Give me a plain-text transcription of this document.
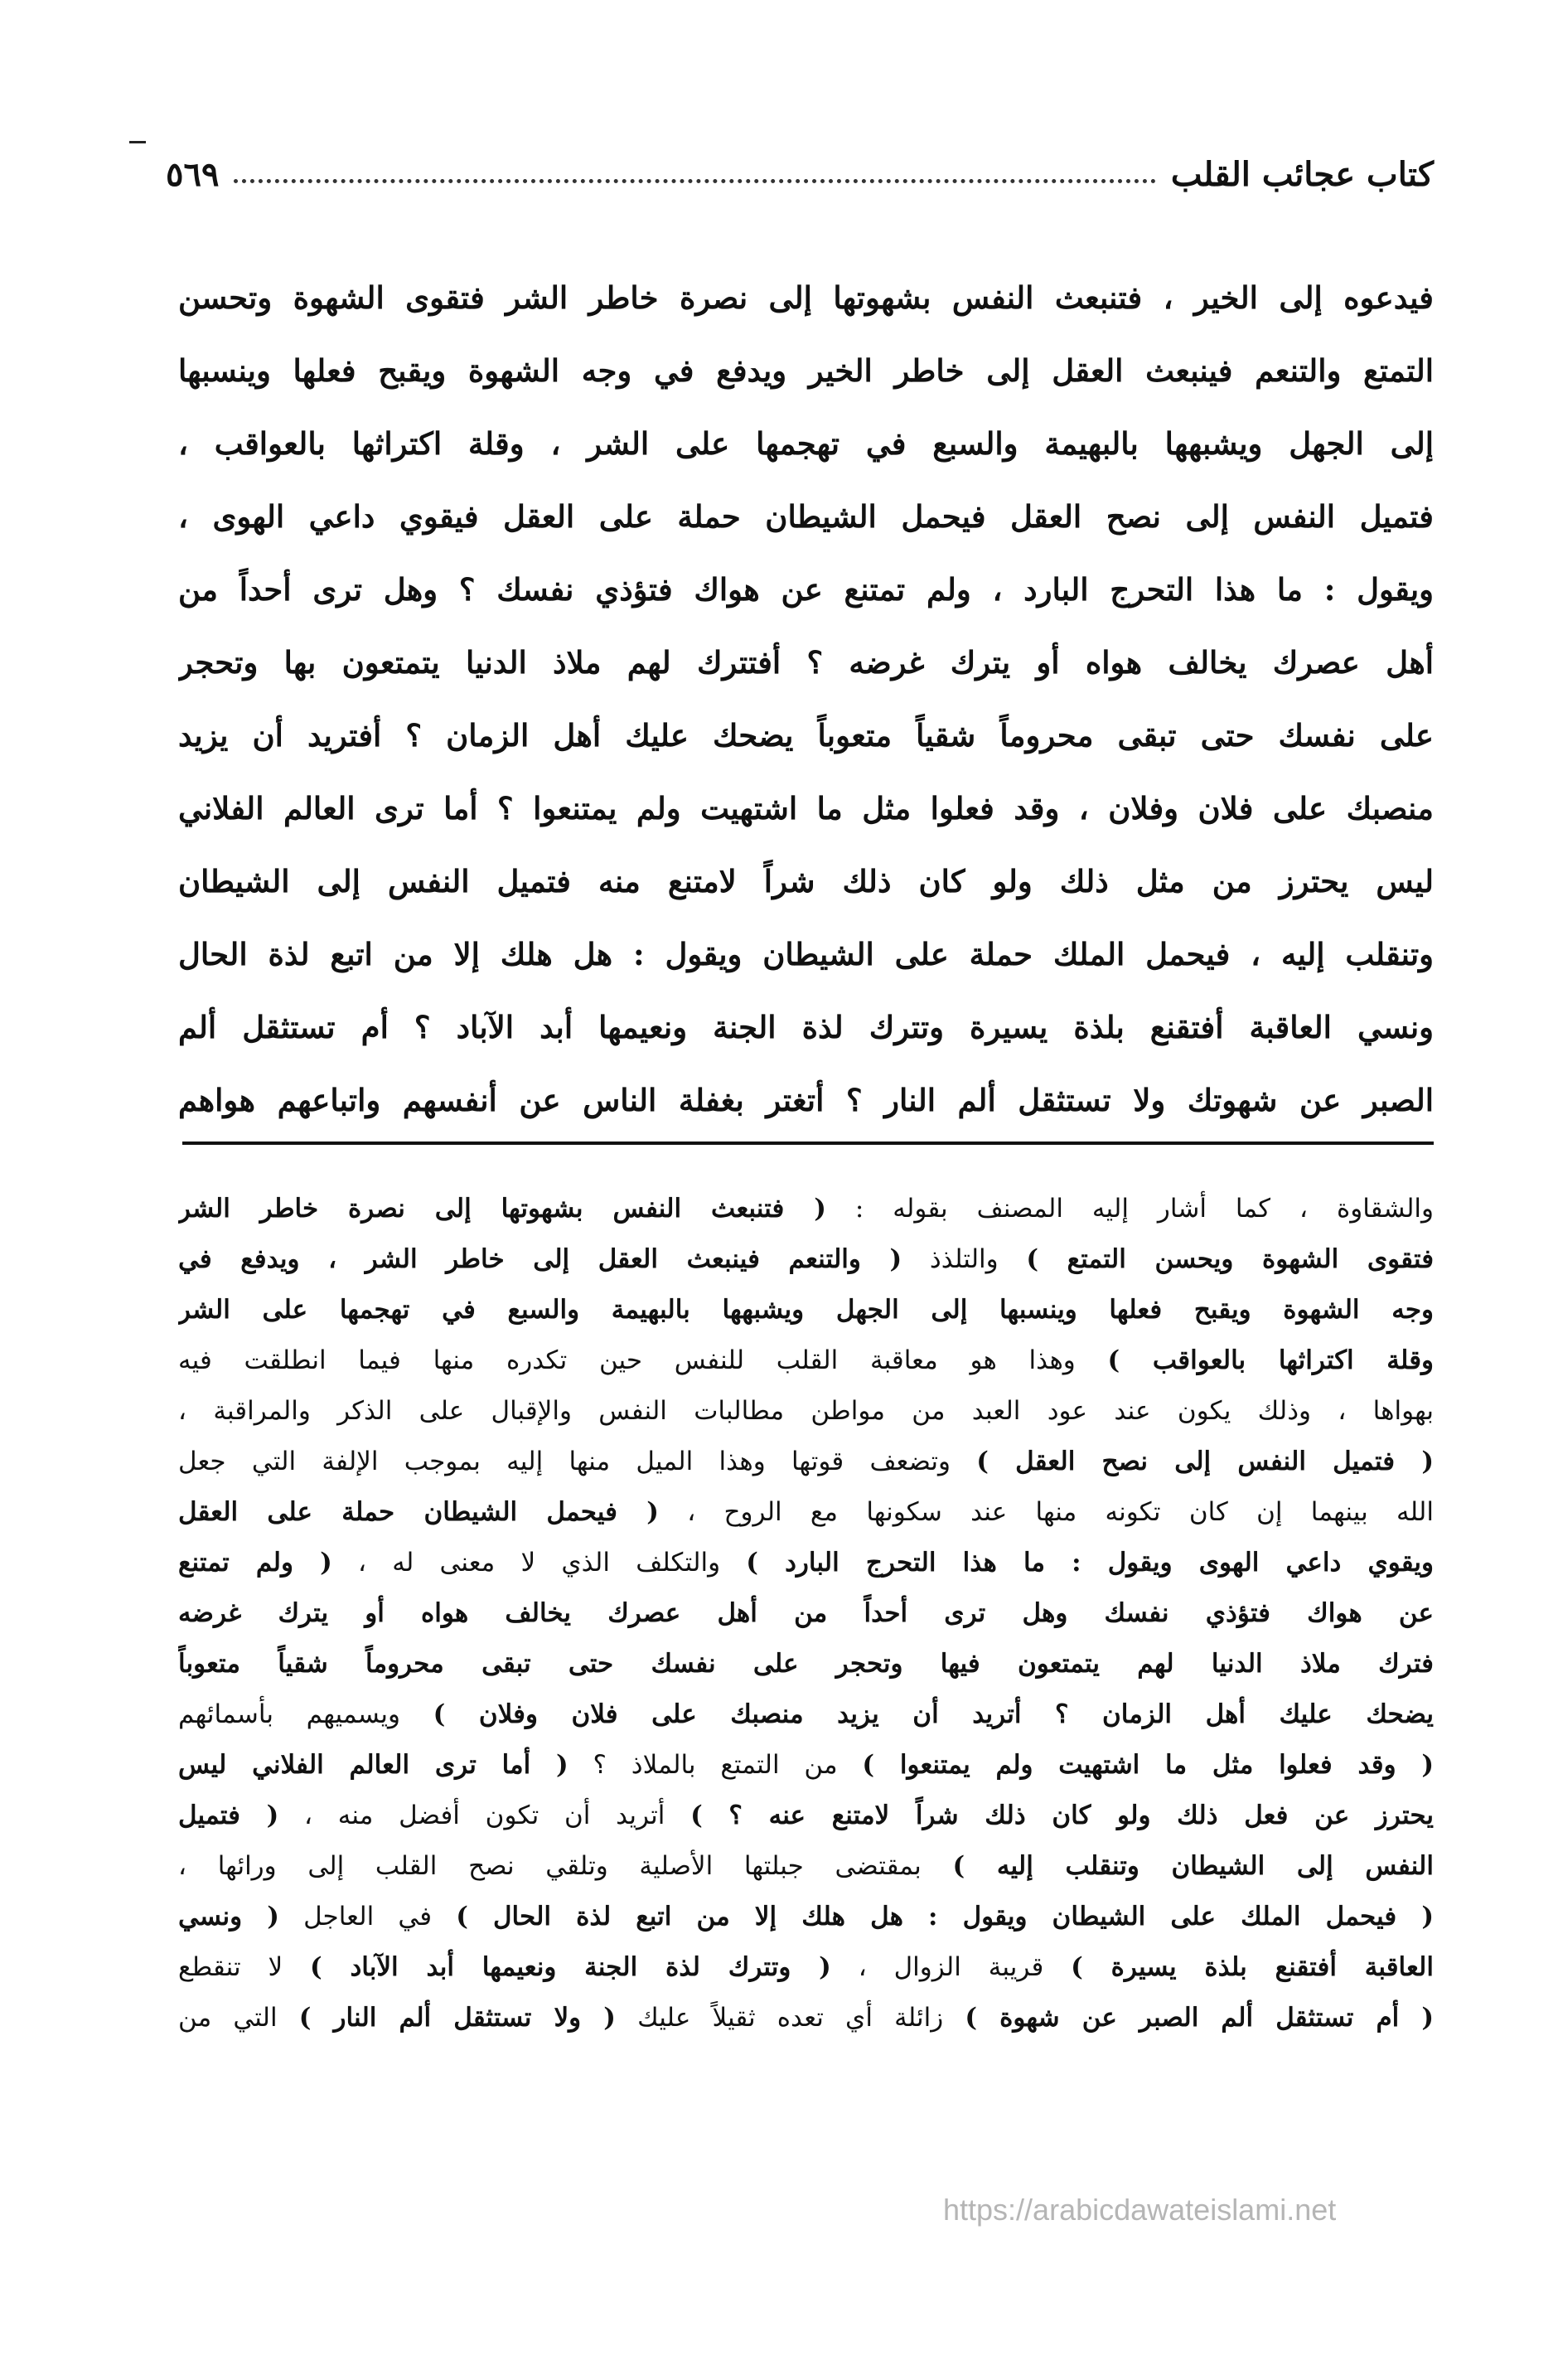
كتاب عجائب القلب
٥٦٩
فيدعوه إلى الخير ، فتنبعث النفس بشهوتها إلى نصرة خاطر الشر فتقوى الشهوة وتحسن
التمتع والتنعم فينبعث العقل إلى خاطر الخير ويدفع في وجه الشهوة ويقبح فعلها وينسبها
إلى الجهل ويشبهها بالبهيمة والسبع في تهجمها على الشر ، وقلة اكتراثها بالعواقب ،
فتميل النفس إلى نصح العقل فيحمل الشيطان حملة على العقل فيقوي داعي الهوى ،
ويقول : ما هذا التحرج البارد ، ولم تمتنع عن هواك فتؤذي نفسك ؟ وهل ترى أحداً من
أهل عصرك يخالف هواه أو يترك غرضه ؟ أفتترك لهم ملاذ الدنيا يتمتعون بها وتحجر
على نفسك حتى تبقى محروماً شقياً متعوباً يضحك عليك أهل الزمان ؟ أفتريد أن يزيد
منصبك على فلان وفلان ، وقد فعلوا مثل ما اشتهيت ولم يمتنعوا ؟ أما ترى العالم الفلاني
ليس يحترز من مثل ذلك ولو كان ذلك شراً لامتنع منه فتميل النفس إلى الشيطان
وتنقلب إليه ، فيحمل الملك حملة على الشيطان ويقول : هل هلك إلا من اتبع لذة الحال
ونسي العاقبة أفتقنع بلذة يسيرة وتترك لذة الجنة ونعيمها أبد الآباد ؟ أم تستثقل ألم
الصبر عن شهوتك ولا تستثقل ألم النار ؟ أتغتر بغفلة الناس عن أنفسهم واتباعهم هواهم
والشقاوة ، كما أشار إليه المصنف بقوله : ( فتنبعث النفس بشهوتها إلى نصرة خاطر الشر
فتقوى الشهوة ويحسن التمتع ) والتلذذ ( والتنعم فينبعث العقل إلى خاطر الشر ، ويدفع في
وجه الشهوة ويقبح فعلها وينسبها إلى الجهل ويشبهها بالبهيمة والسبع في تهجمها على الشر
وقلة اكتراثها بالعواقب ) وهذا هو معاقبة القلب للنفس حين تكدره منها فيما انطلقت فيه
بهواها ، وذلك يكون عند عود العبد من مواطن مطالبات النفس والإقبال على الذكر والمراقبة ،
( فتميل النفس إلى نصح العقل ) وتضعف قوتها وهذا الميل منها إليه بموجب الإلفة التي جعل
الله بينهما إن كان تكونه منها عند سكونها مع الروح ، ( فيحمل الشيطان حملة على العقل
ويقوي داعي الهوى ويقول : ما هذا التحرج البارد ) والتكلف الذي لا معنى له ، ( ولم تمتنع
عن هواك فتؤذي نفسك وهل ترى أحداً من أهل عصرك يخالف هواه أو يترك غرضه
فترك ملاذ الدنيا لهم يتمتعون فيها وتحجر على نفسك حتى تبقى محروماً شقياً متعوباً
يضحك عليك أهل الزمان ؟ أتريد أن يزيد منصبك على فلان وفلان ) ويسميهم بأسمائهم
( وقد فعلوا مثل ما اشتهيت ولم يمتنعوا ) من التمتع بالملاذ ؟ ( أما ترى العالم الفلاني ليس
يحترز عن فعل ذلك ولو كان ذلك شراً لامتنع عنه ؟ ) أتريد أن تكون أفضل منه ، ( فتميل
النفس إلى الشيطان وتنقلب إليه ) بمقتضى جبلتها الأصلية وتلقي نصح القلب إلى ورائها ،
( فيحمل الملك على الشيطان ويقول : هل هلك إلا من اتبع لذة الحال ) في العاجل ( ونسي
العاقبة أفتقنع بلذة يسيرة ) قريبة الزوال ، ( وتترك لذة الجنة ونعيمها أبد الآباد ) لا تنقطع
( أم تستثقل ألم الصبر عن شهوة ) زائلة أي تعده ثقيلاً عليك ( ولا تستثقل ألم النار ) التي من
https://arabicdawateislami.net
